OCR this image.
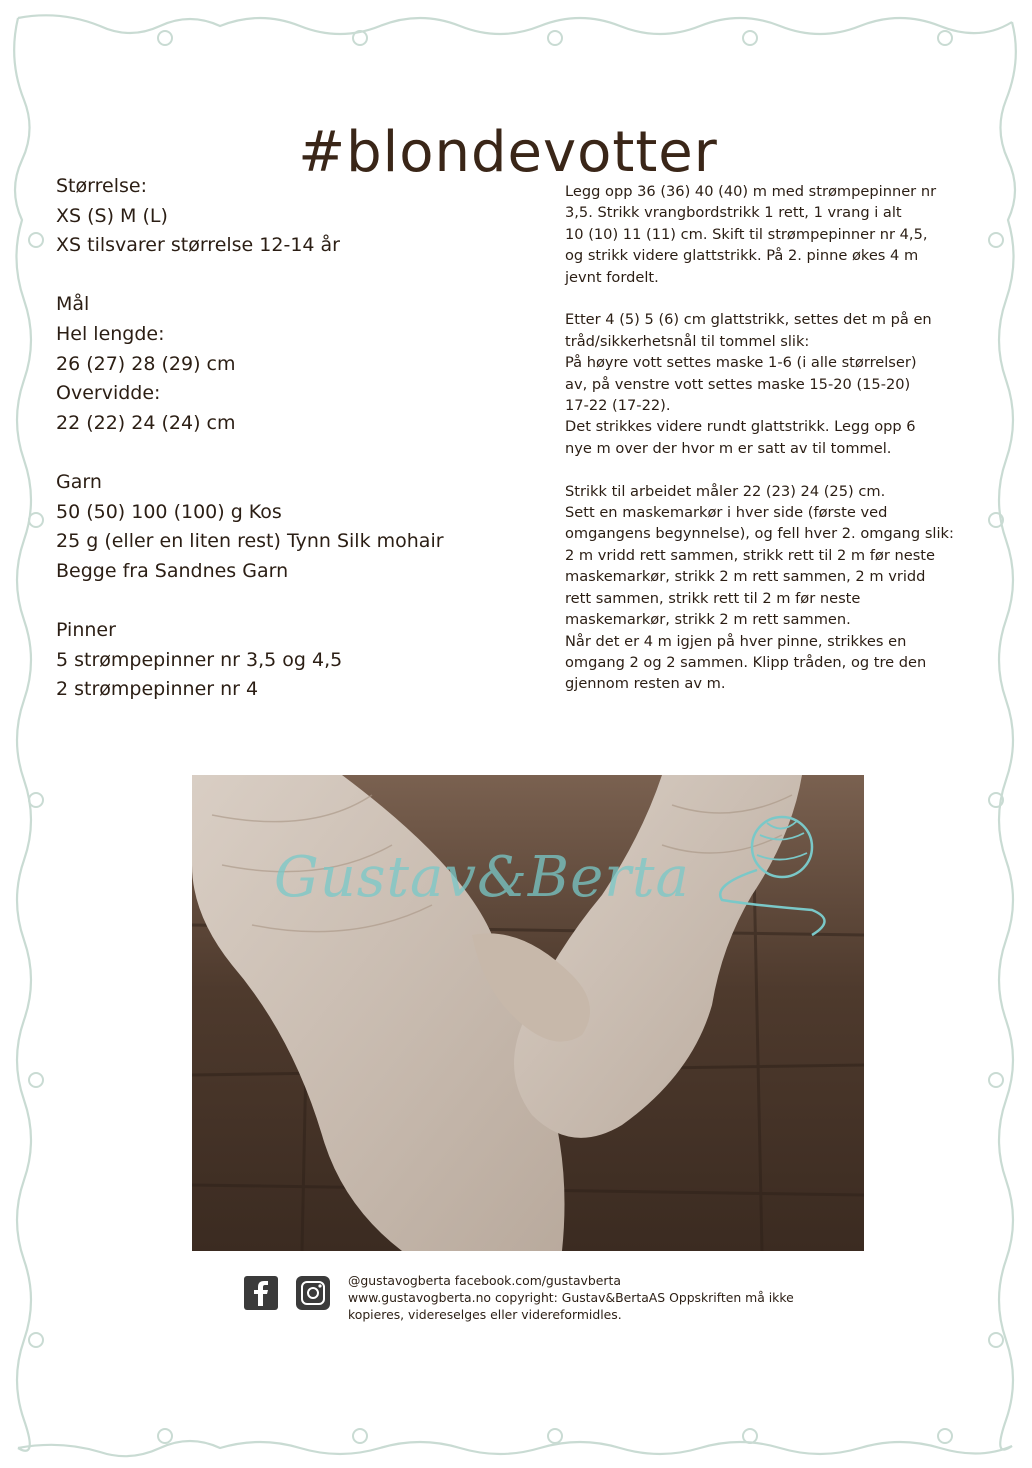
#blondevotter
Størrelse:
XS (S) M (L)
XS tilsvarer størrelse 12-14 år
Mål
Hel lengde:
26 (27) 28 (29) cm
Overvidde:
22 (22) 24 (24) cm
Garn
50 (50) 100 (100) g Kos
25 g (eller en liten rest) Tynn Silk mohair
Begge fra Sandnes Garn
Pinner
5 strømpepinner nr 3,5 og 4,5
2 strømpepinner nr 4
Legg opp 36 (36) 40 (40) m med strømpepinner nr
3,5. Strikk vrangbordstrikk 1 rett, 1 vrang i alt
10 (10) 11 (11) cm. Skift til strømpepinner nr 4,5,
og strikk videre glattstrikk. På 2. pinne økes 4 m
jevnt fordelt.
Etter 4 (5) 5 (6) cm glattstrikk, settes det m på en
tråd/sikkerhetsnål til tommel slik:
På høyre vott settes maske 1-6 (i alle størrelser)
av, på venstre vott settes maske 15-20 (15-20)
17-22 (17-22).
Det strikkes videre rundt glattstrikk. Legg opp 6
nye m over der hvor m er satt av til tommel.
Strikk til arbeidet måler 22 (23) 24 (25) cm.
Sett en maskemarkør i hver side (første ved
omgangens begynnelse), og fell hver 2. omgang slik:
2 m vridd rett sammen, strikk rett til 2 m før neste
maskemarkør, strikk 2 m rett sammen, 2 m vridd
rett sammen, strikk rett til 2 m før neste
maskemarkør, strikk 2 m rett sammen.
Når det er 4 m igjen på hver pinne, strikkes en
omgang 2 og 2 sammen. Klipp tråden, og tre den
gjennom resten av m.
Gustav&Berta
@gustavogberta facebook.com/gustavberta
www.gustavogberta.no copyright: Gustav&BertaAS Oppskriften må ikke
kopieres, videreselges eller videreformidles.
